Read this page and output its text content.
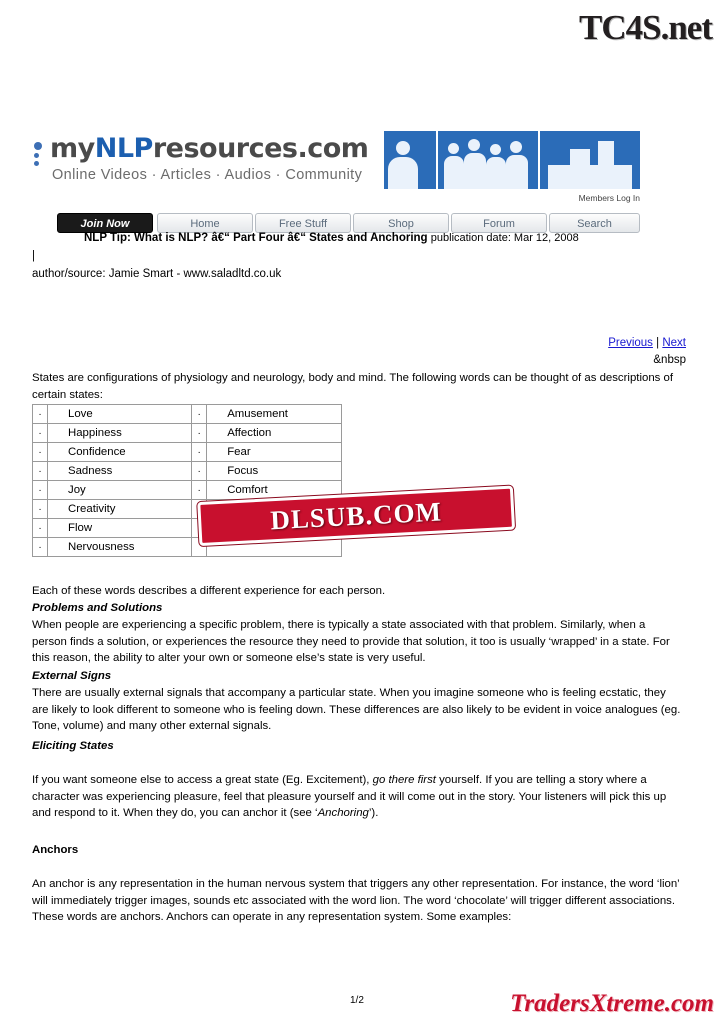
TC4S.net
myNLPresources.com
Online Videos · Articles · Audios · Community
Members Log In
Join Now	Home	Free Stuff	Shop	Forum	Search
NLP Tip: What is NLP? â€“ Part Four â€“ States and Anchoring publication date: Mar 12, 2008
|
author/source: Jamie Smart - www.saladltd.co.uk
Previous | Next
&nbsp
States are configurations of physiology and neurology, body and mind. The following words can be thought of as descriptions of certain states:
·	Love	·	Amusement
·	Happiness	·	Affection
·	Confidence	·	Fear
·	Sadness	·	Focus
·	Joy	·	Comfort
·	Creativity		
·	Flow		
·	Nervousness		
DLSUB.COM
Each of these words describes a different experience for each person.
Problems and Solutions
When people are experiencing a specific problem, there is typically a state associated with that problem. Similarly, when a person finds a solution, or experiences the resource they need to provide that solution, it too is usually ‘wrapped’ in a state. For this reason, the ability to alter your own or someone else’s state is very useful.
External Signs
There are usually external signals that accompany a particular state. When you imagine someone who is feeling ecstatic, they are likely to look different to someone who is feeling down. These differences are also likely to be evident in voice analogues (eg. Tone, volume) and many other external signals.
Eliciting States
If you want someone else to access a great state (Eg. Excitement), go there first yourself. If you are telling a story where a character was experiencing pleasure, feel that pleasure yourself and it will come out in the story. Your listeners will pick this up and respond to it. When they do, you can anchor it (see ‘Anchoring’).
Anchors
An anchor is any representation in the human nervous system that triggers any other representation. For instance, the word ‘lion’ will immediately trigger images, sounds etc associated with the word lion. The word ‘chocolate’ will trigger different associations. These words are anchors. Anchors can operate in any representation system. Some examples:
1/2	TradersXtreme.com
